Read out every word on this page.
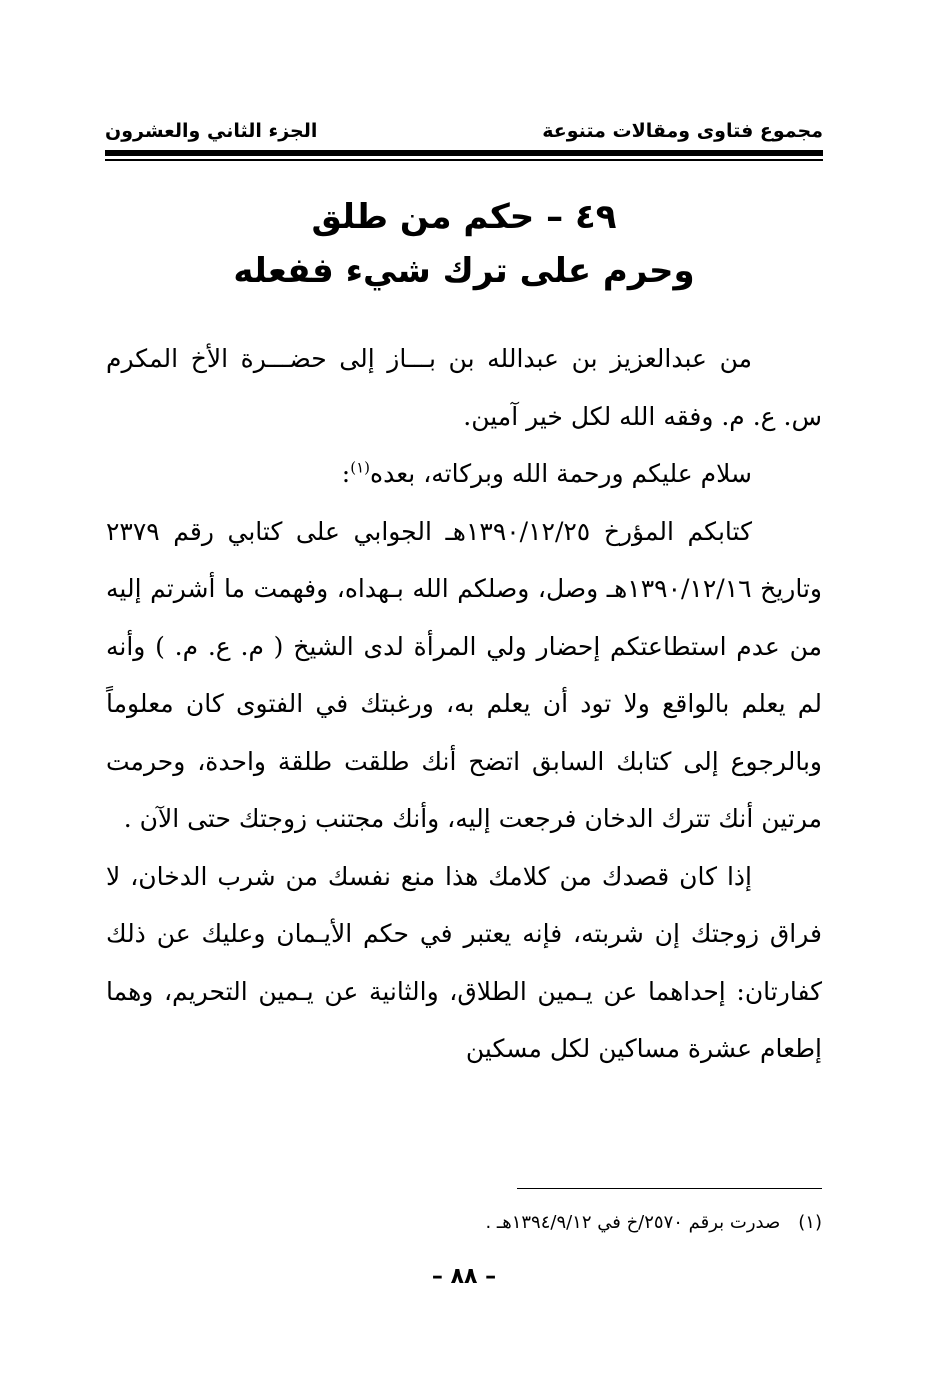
مجموع فتاوى ومقالات متنوعة
الجزء الثاني والعشرون
٤٩ – حكم من طلق
وحرم على ترك شيء ففعله

من عبدالعزيز بن عبدالله بن بـــاز إلى حضـــرة الأخ المكرم س. ع. م. وفقه الله لكل خير آمين.

سلام عليكم ورحمة الله وبركاته، بعده$^{(١)}$:

كتابكم المؤرخ ١٣٩٠/١٢/٢٥هـ الجوابي على كتابي رقم ٢٣٧٩ وتاريخ ١٣٩٠/١٢/١٦هـ وصل، وصلكم الله بـهداه، وفهمت ما أشرتم إليه من عدم استطاعتكم إحضار ولي المرأة لدى الشيخ ( م. ع. م. ) وأنه لم يعلم بالواقع ولا تود أن يعلم به، ورغبتك في الفتوى كان معلوماً وبالرجوع إلى كتابك السابق اتضح أنك طلقت طلقة واحدة، وحرمت مرتين أنك تترك الدخان فرجعت إليه، وأنك مجتنب زوجتك حتى الآن .

إذا كان قصدك من كلامك هذا منع نفسك من شرب الدخان، لا فراق زوجتك إن شربته، فإنه يعتبر في حكم الأيـمان وعليك عن ذلك كفارتان: إحداهما عن يـمين الطلاق، والثانية عن يـمين التحريم، وهما إطعام عشرة مساكين لكل مسكين

(١)صدرت برقم ٢٥٧٠/خ في ١٣٩٤/٩/١٢هـ .
– ٨٨ –
